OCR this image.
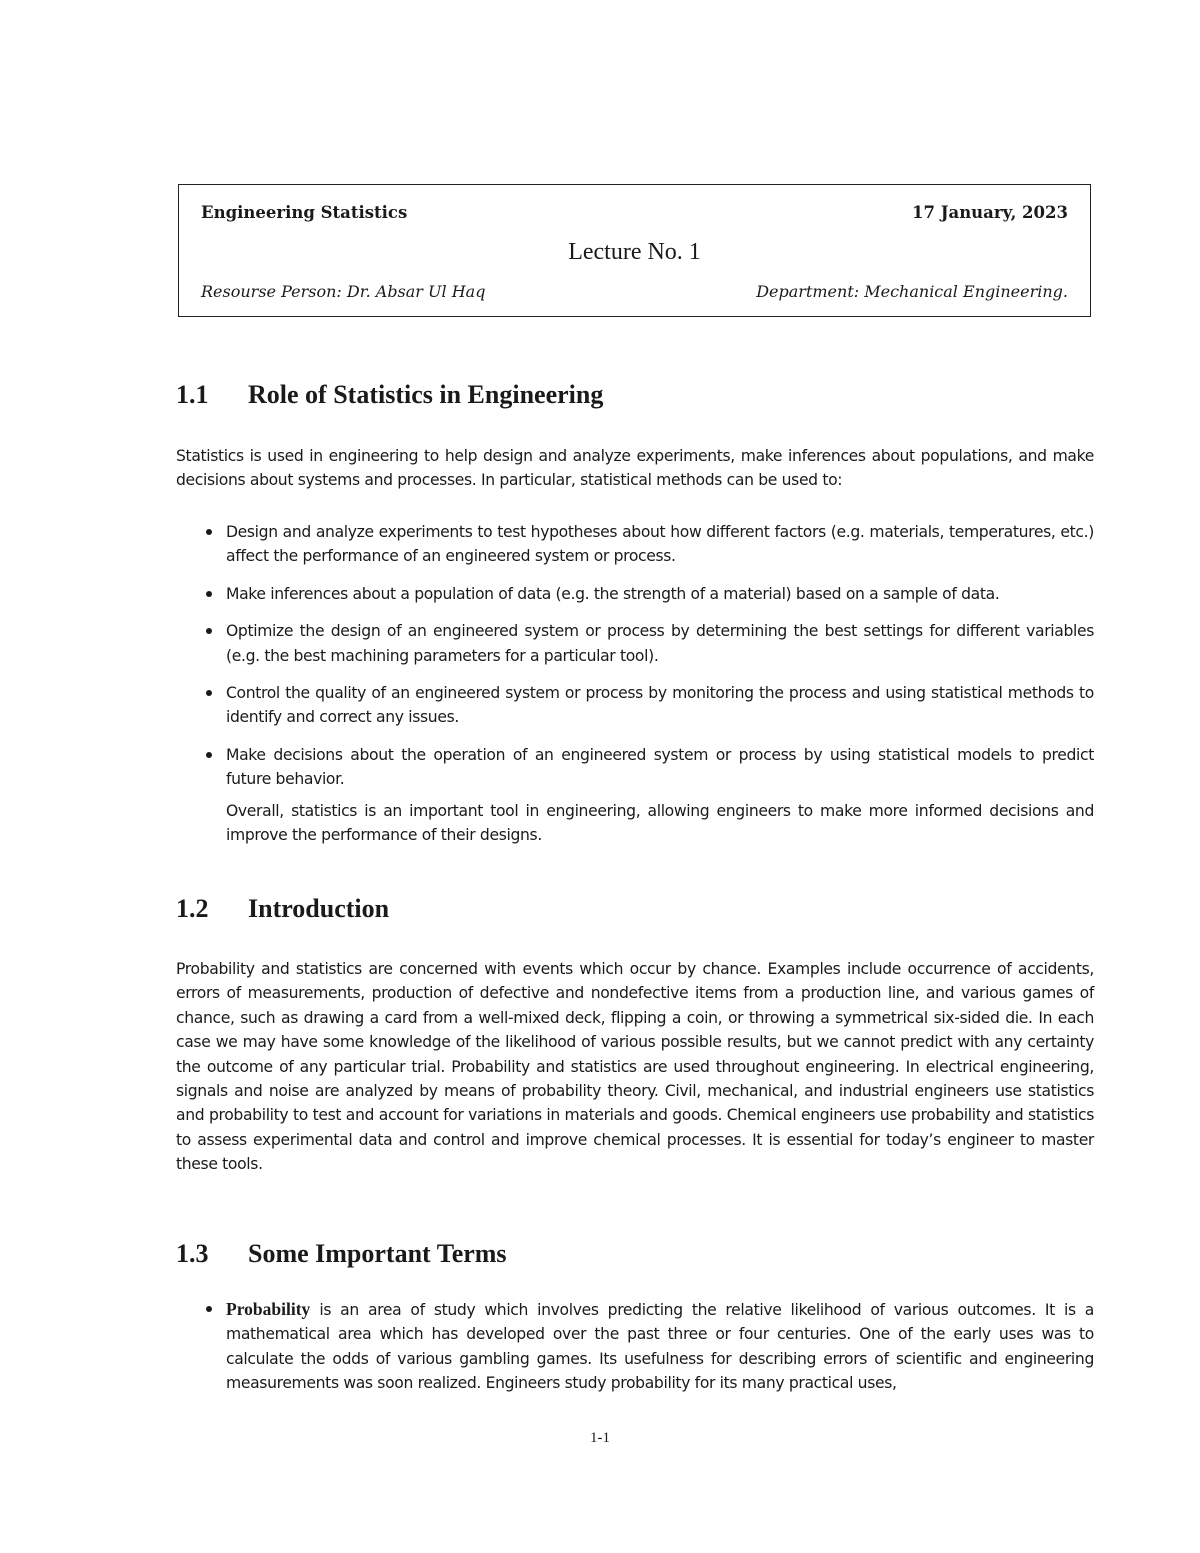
Engineering Statistics	17 January, 2023
Lecture No. 1
Resourse Person: Dr. Absar Ul Haq	Department: Mechanical Engineering.
1.1 Role of Statistics in Engineering
Statistics is used in engineering to help design and analyze experiments, make inferences about populations, and make decisions about systems and processes. In particular, statistical methods can be used to:
Design and analyze experiments to test hypotheses about how different factors (e.g. materials, temperatures, etc.) affect the performance of an engineered system or process.
Make inferences about a population of data (e.g. the strength of a material) based on a sample of data.
Optimize the design of an engineered system or process by determining the best settings for different variables (e.g. the best machining parameters for a particular tool).
Control the quality of an engineered system or process by monitoring the process and using statistical methods to identify and correct any issues.
Make decisions about the operation of an engineered system or process by using statistical models to predict future behavior.
Overall, statistics is an important tool in engineering, allowing engineers to make more informed decisions and improve the performance of their designs.
1.2 Introduction
Probability and statistics are concerned with events which occur by chance. Examples include occurrence of accidents, errors of measurements, production of defective and nondefective items from a production line, and various games of chance, such as drawing a card from a well-mixed deck, flipping a coin, or throwing a symmetrical six-sided die. In each case we may have some knowledge of the likelihood of various possible results, but we cannot predict with any certainty the outcome of any particular trial. Probability and statistics are used throughout engineering. In electrical engineering, signals and noise are analyzed by means of probability theory. Civil, mechanical, and industrial engineers use statistics and probability to test and account for variations in materials and goods. Chemical engineers use probability and statistics to assess experimental data and control and improve chemical processes. It is essential for today’s engineer to master these tools.
1.3 Some Important Terms
Probability is an area of study which involves predicting the relative likelihood of various outcomes. It is a mathematical area which has developed over the past three or four centuries. One of the early uses was to calculate the odds of various gambling games. Its usefulness for describing errors of scientific and engineering measurements was soon realized. Engineers study probability for its many practical uses,
1-1
